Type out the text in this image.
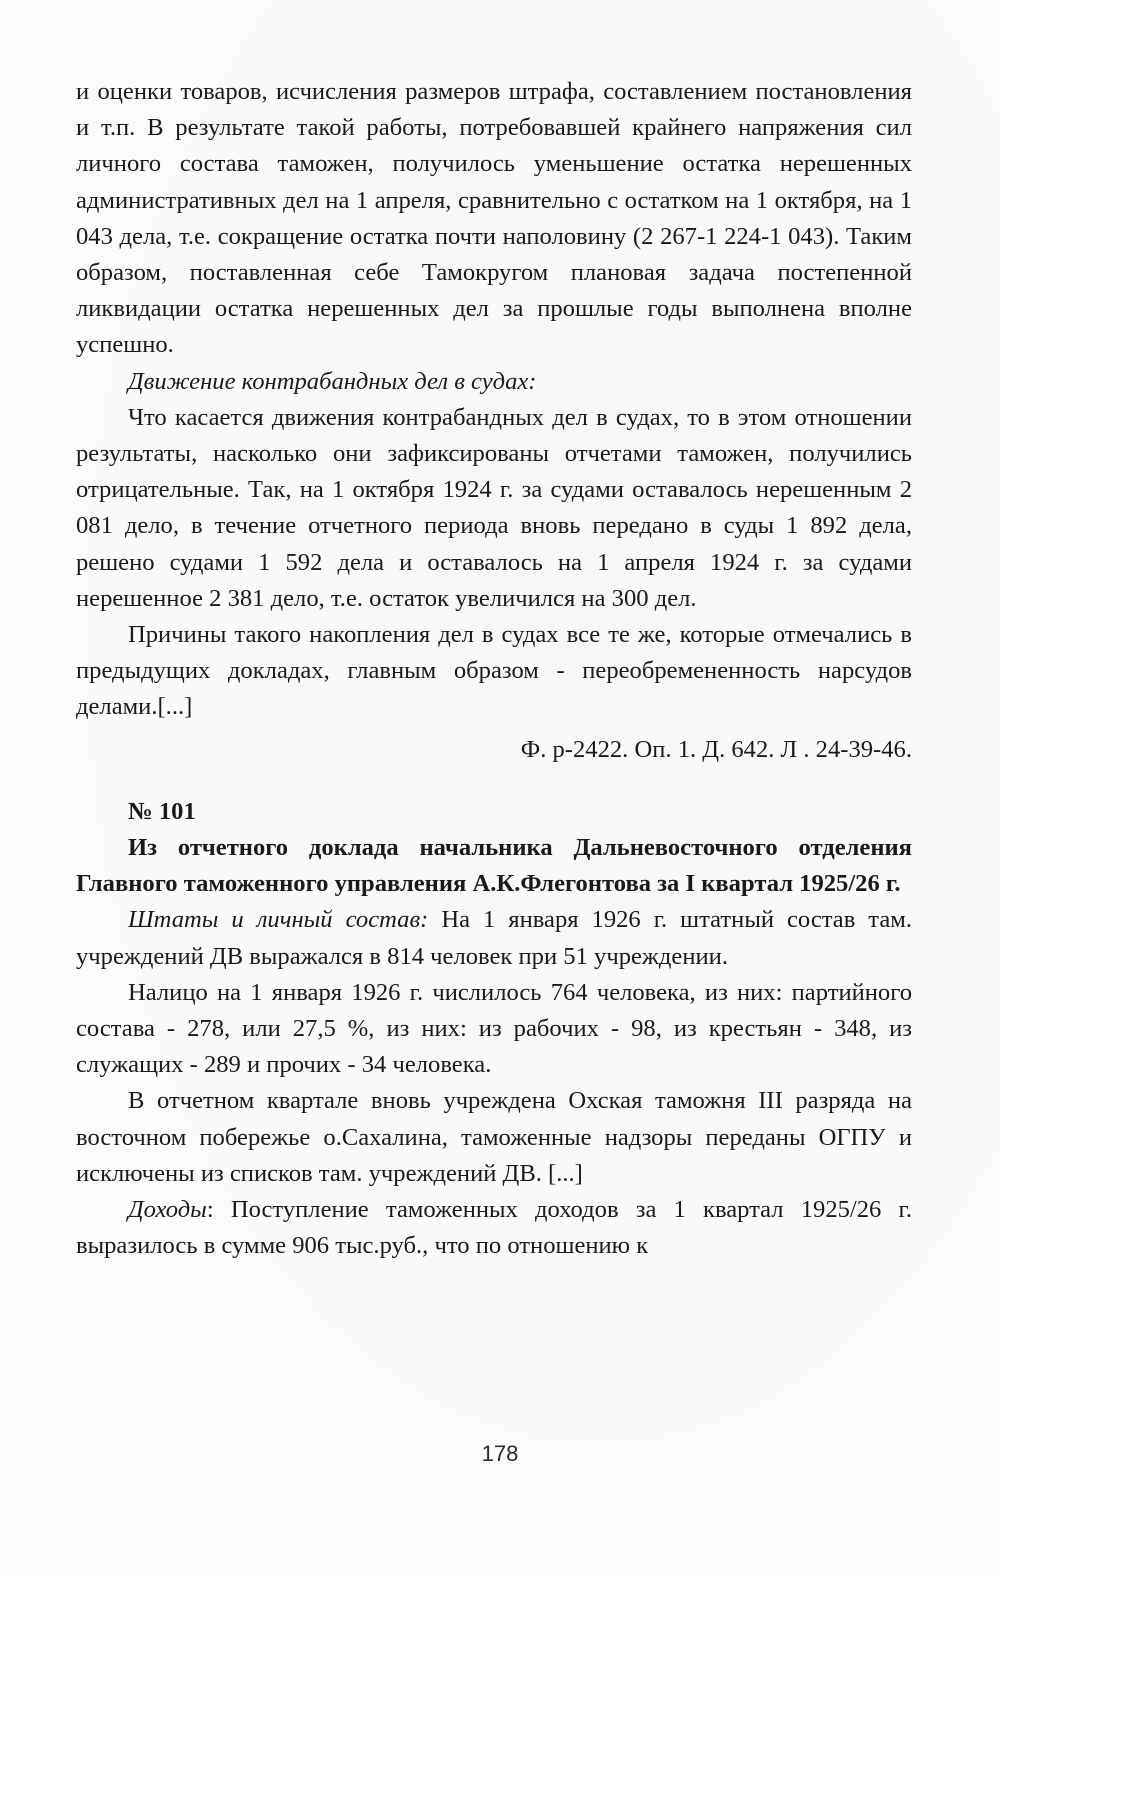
и оценки товаров, исчисления размеров штрафа, составлением постановления и т.п. В результате такой работы, потребовавшей крайнего напряжения сил личного состава таможен, получилось уменьшение остатка нерешенных административных дел на 1 апреля, сравнительно с остатком на 1 октября, на 1 043 дела, т.е. сокращение остатка почти наполовину (2 267-1 224-1 043). Таким образом, поставленная себе Тамокругом плановая задача постепенной ликвидации остатка нерешенных дел за прошлые годы выполнена вполне успешно.

Движение контрабандных дел в судах:

Что касается движения контрабандных дел в судах, то в этом отношении результаты, насколько они зафиксированы отчетами таможен, получились отрицательные. Так, на 1 октября 1924 г. за судами оставалось нерешенным 2 081 дело, в течение отчетного периода вновь передано в суды 1 892 дела, решено судами 1 592 дела и оставалось на 1 апреля 1924 г. за судами нерешенное 2 381 дело, т.е. остаток увеличился на 300 дел.

Причины такого накопления дел в судах все те же, которые отмечались в предыдущих докладах, главным образом - переобремененность нарсудов делами.[...]

Ф. р-2422. Оп. 1. Д. 642. Л . 24-39-46.

№ 101

Из отчетного доклада начальника Дальневосточного отделения Главного таможенного управления А.К.Флегонтова за I квартал 1925/26 г.

Штаты и личный состав: На 1 января 1926 г. штатный состав там. учреждений ДВ выражался в 814 человек при 51 учреждении.

Налицо на 1 января 1926 г. числилось 764 человека, из них: партийного состава - 278, или 27,5 %, из них: из рабочих - 98, из крестьян - 348, из служащих - 289 и прочих - 34 человека.

В отчетном квартале вновь учреждена Охская таможня III разряда на восточном побережье о.Сахалина, таможенные надзоры переданы ОГПУ и исключены из списков там. учреждений ДВ. [...]

Доходы: Поступление таможенных доходов за 1 квартал 1925/26 г. выразилось в сумме 906 тыс.руб., что по отношению к

178
